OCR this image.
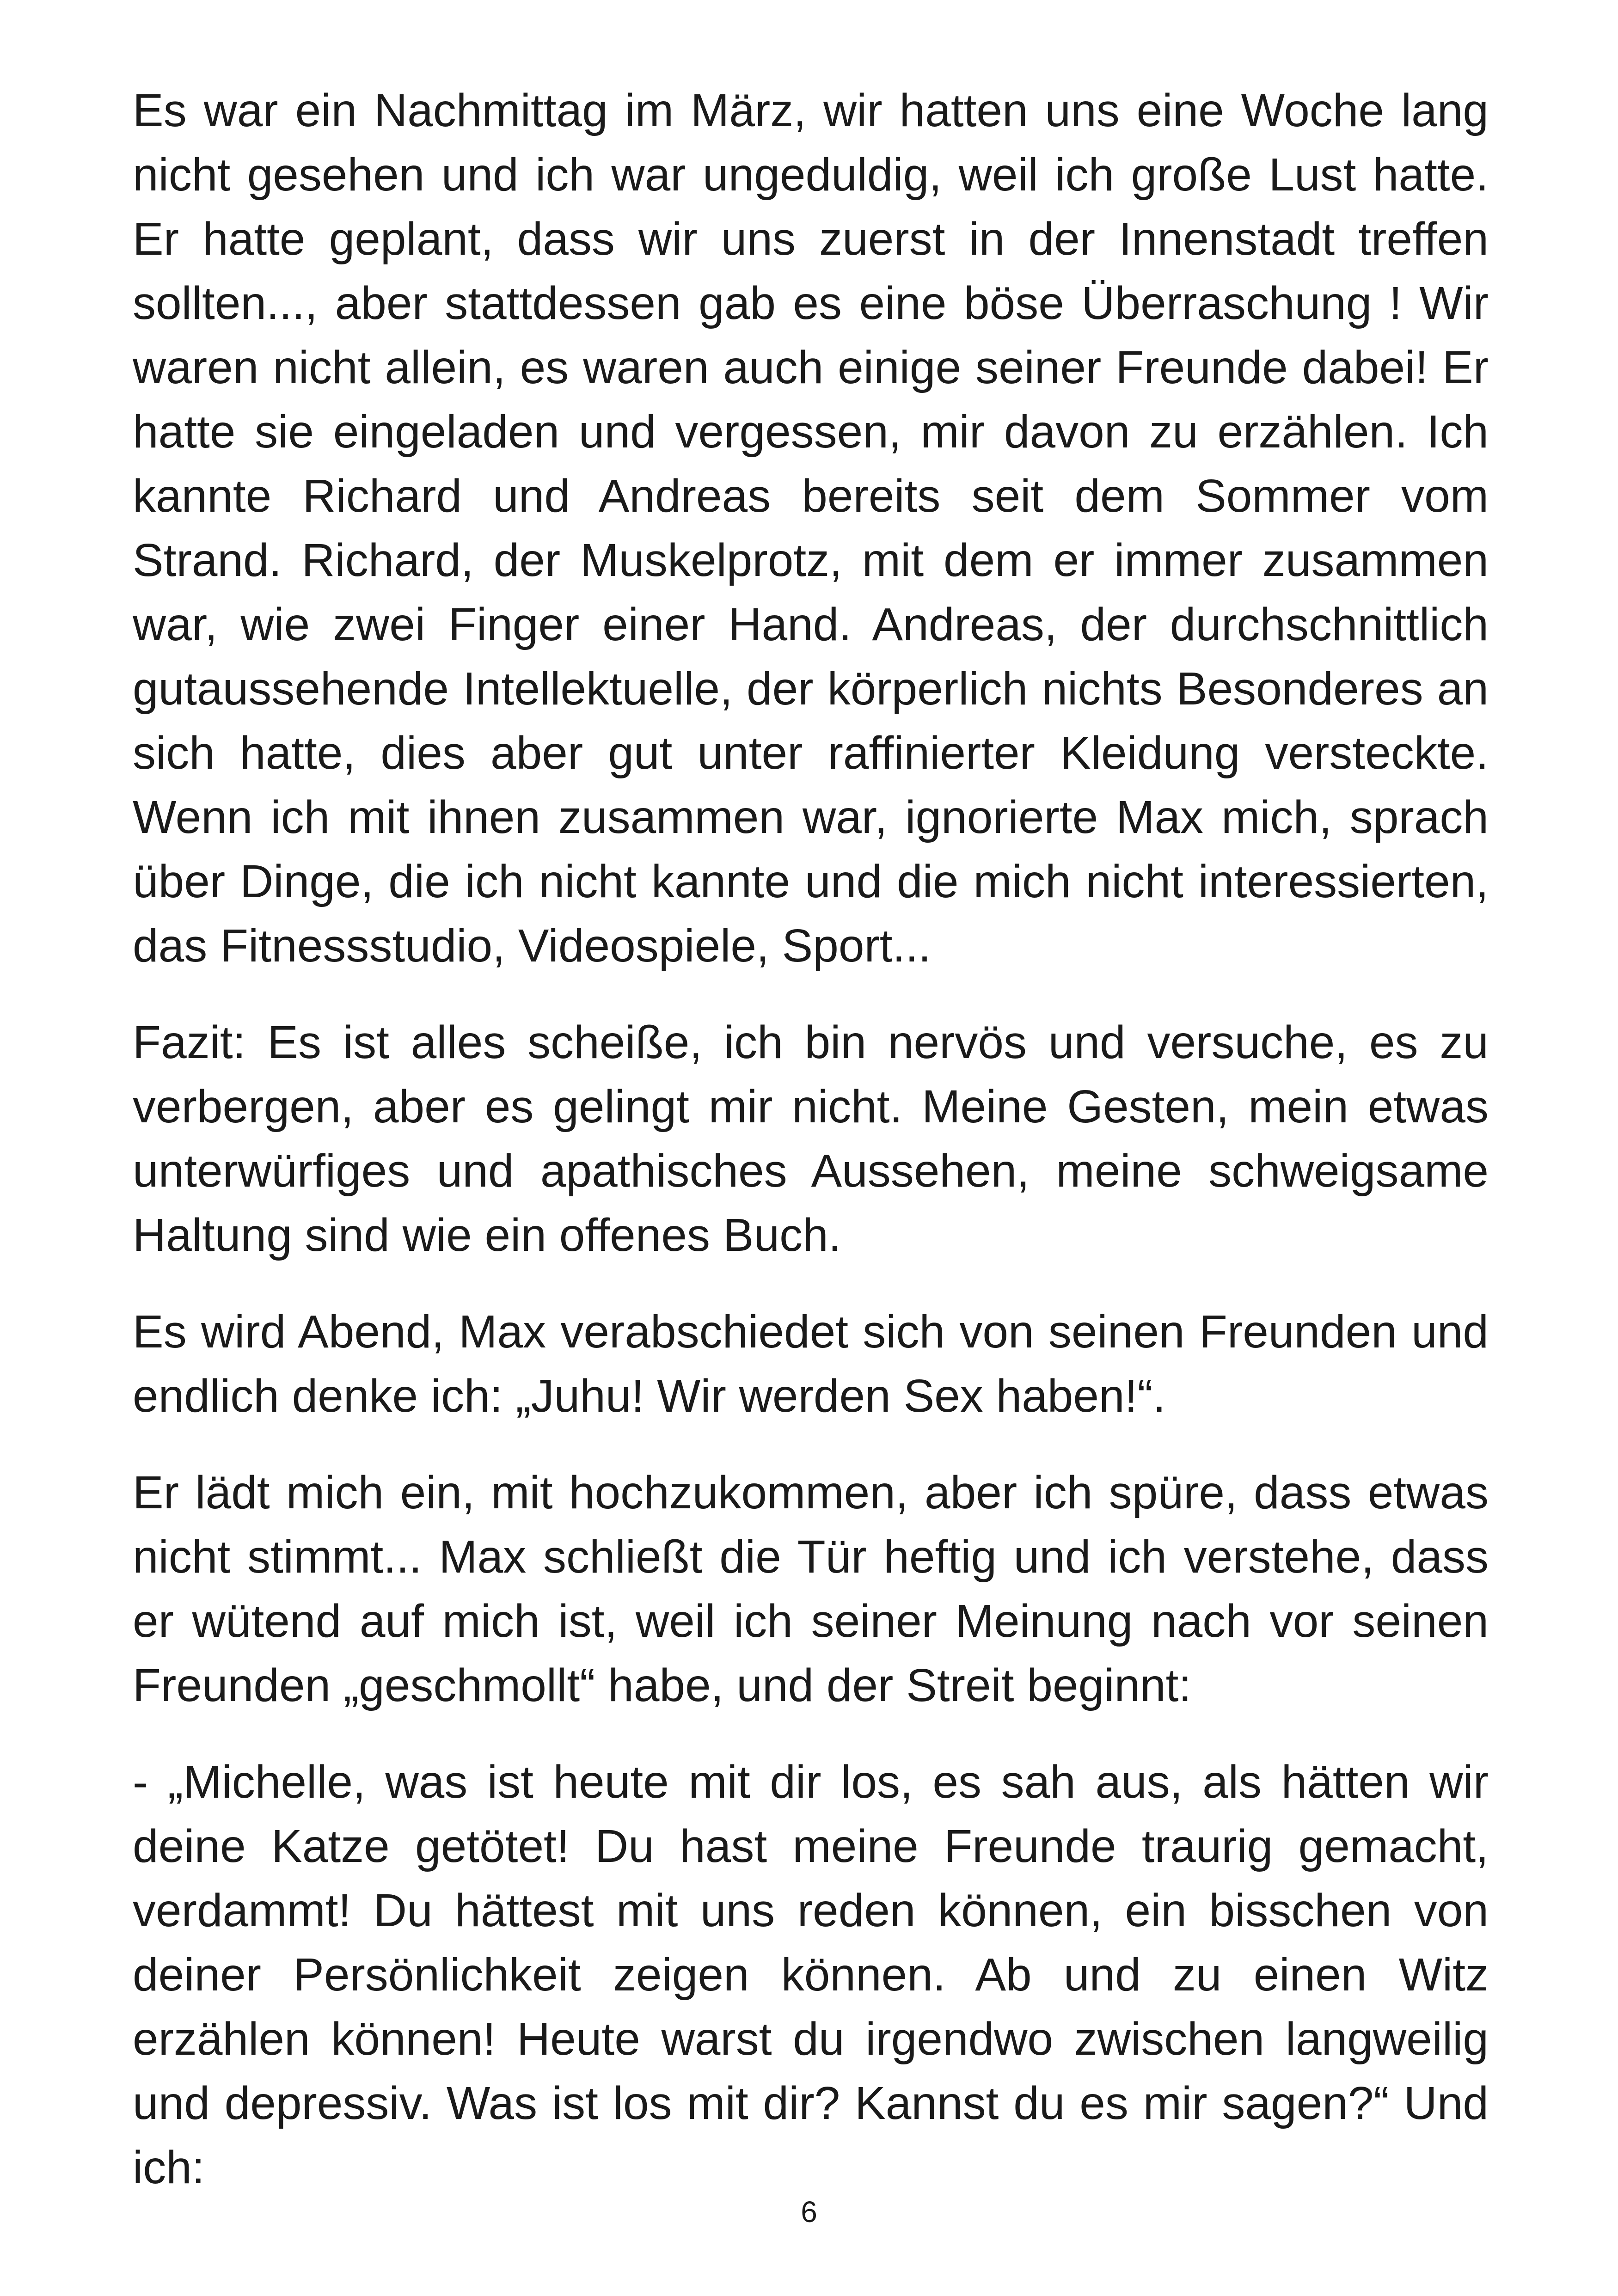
Es war ein Nachmittag im März, wir hatten uns eine Woche lang nicht gesehen und ich war ungeduldig, weil ich große Lust hatte. Er hatte geplant, dass wir uns zuerst in der Innenstadt treffen sollten..., aber stattdessen gab es eine böse Überraschung ! Wir waren nicht allein, es waren auch einige seiner Freunde dabei! Er hatte sie eingeladen und vergessen, mir davon zu erzählen. Ich kannte Richard und Andreas bereits seit dem Sommer vom Strand. Richard, der Muskelprotz, mit dem er immer zusammen war, wie zwei Finger einer Hand. Andreas, der durchschnittlich gutaussehende Intellektuelle, der körperlich nichts Besonderes an sich hatte, dies aber gut unter raffinierter Kleidung versteckte. Wenn ich mit ihnen zusammen war, ignorierte Max mich, sprach über Dinge, die ich nicht kannte und die mich nicht interessierten, das Fitnessstudio, Videospiele, Sport...

Fazit: Es ist alles scheiße, ich bin nervös und versuche, es zu verbergen, aber es gelingt mir nicht. Meine Gesten, mein etwas unterwürfiges und apathisches Aussehen, meine schweigsame Haltung sind wie ein offenes Buch.

Es wird Abend, Max verabschiedet sich von seinen Freunden und endlich denke ich: „Juhu! Wir werden Sex haben!“.

Er lädt mich ein, mit hochzukommen, aber ich spüre, dass etwas nicht stimmt... Max schließt die Tür heftig und ich verstehe, dass er wütend auf mich ist, weil ich seiner Meinung nach vor seinen Freunden „geschmollt“ habe, und der Streit beginnt:

- „Michelle, was ist heute mit dir los, es sah aus, als hätten wir deine Katze getötet! Du hast meine Freunde traurig gemacht, verdammt! Du hättest mit uns reden können, ein bisschen von deiner Persönlichkeit zeigen können. Ab und zu einen Witz erzählen können! Heute warst du irgendwo zwischen langweilig und depressiv. Was ist los mit dir? Kannst du es mir sagen?“ Und ich:

6
